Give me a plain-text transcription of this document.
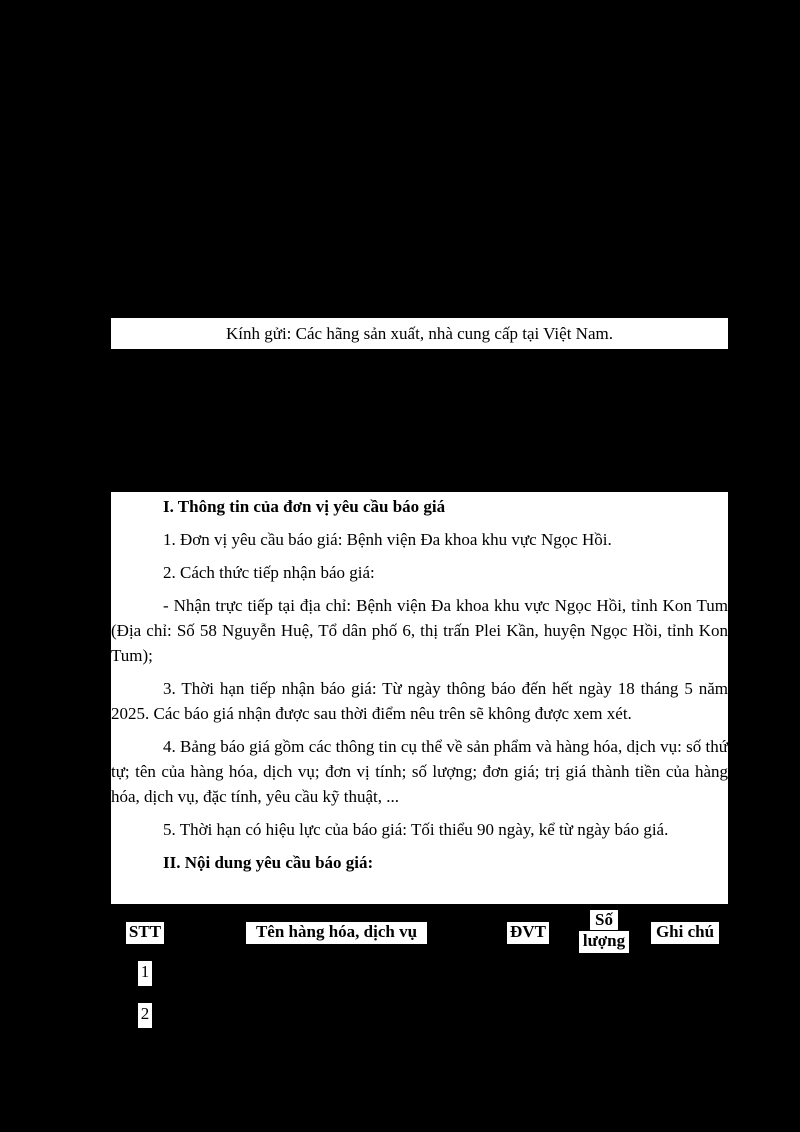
Kính gửi: Các hãng sản xuất, nhà cung cấp tại Việt Nam.

I. Thông tin của đơn vị yêu cầu báo giá

1. Đơn vị yêu cầu báo giá: Bệnh viện Đa khoa khu vực Ngọc Hồi.

2. Cách thức tiếp nhận báo giá:

- Nhận trực tiếp tại địa chỉ: Bệnh viện Đa khoa khu vực Ngọc Hồi, tỉnh Kon Tum (Địa chỉ: Số 58 Nguyễn Huệ, Tổ dân phố 6, thị trấn Plei Kần, huyện Ngọc Hồi, tỉnh Kon Tum);

3. Thời hạn tiếp nhận báo giá: Từ ngày thông báo đến hết ngày 18 tháng 5 năm 2025. Các báo giá nhận được sau thời điểm nêu trên sẽ không được xem xét.

4. Bảng báo giá gồm các thông tin cụ thể về sản phẩm và hàng hóa, dịch vụ: số thứ tự; tên của hàng hóa, dịch vụ; đơn vị tính; số lượng; đơn giá; trị giá thành tiền của hàng hóa, dịch vụ, đặc tính, yêu cầu kỹ thuật, ...

5. Thời hạn có hiệu lực của báo giá: Tối thiểu 90 ngày, kể từ ngày báo giá.

II. Nội dung yêu cầu báo giá:

STT	Tên hàng hóa, dịch vụ	ĐVT
Số
lượng Ghi chú
1
2
